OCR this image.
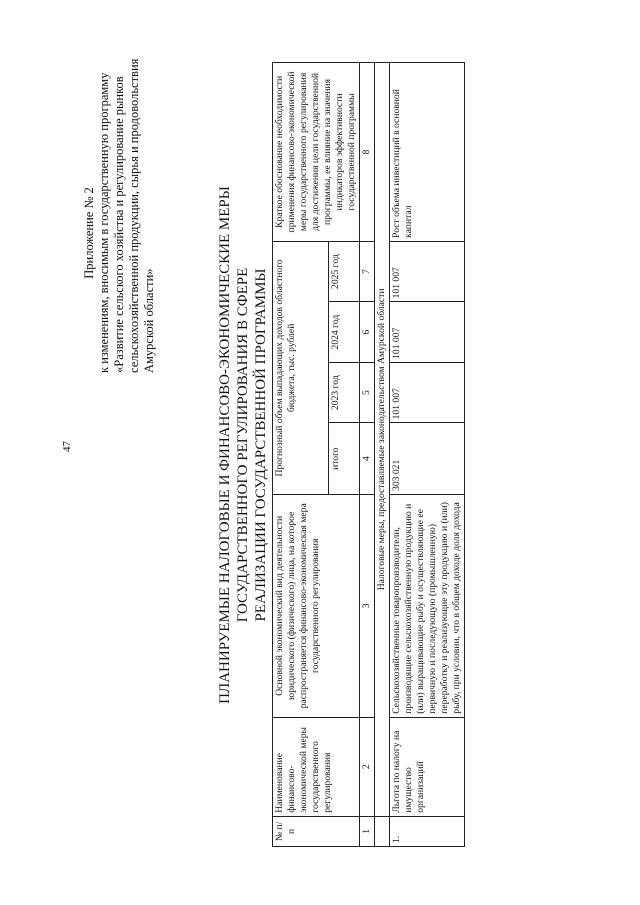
47
Приложение № 2 к изменениям, вносимым в государственную программу «Развитие сельского хозяйства и регулирование рынков сельскохозяйственной продукции, сырья и продовольствия Амурской области»	ПЛАНИРУЕМЫЕ НАЛОГОВЫЕ И ФИНАНСОВО-ЭКОНОМИЧЕСКИЕ МЕРЫ ГОСУДАРСТВЕННОГО РЕГУЛИРОВАНИЯ В СФЕРЕ РЕАЛИЗАЦИИ ГОСУДАРСТВЕННОЙ ПРОГРАММЫ
№ п/п	Наименование финансово-экономической меры государственного регулирования	Основной экономический вид деятельности юридического (физического) лица, на которое распространяется финансово-экономическая мера государственного регулирования	Прогнозный объем выпадающих доходов областного бюджета, тыс. рублей				Краткое обоснование необходимости применения финансово-экономической меры государственного регулирования для достижения цели государственной программы, ее влияние на значения индикаторов эффективности государственной программы
			итого	2023 год	2024 год	2025 год	
1	2	3	4	5	6	7	8
	Налоговые меры, предоставляемые законодательством Амурской области						
1.	Льгота по налогу на имущество организаций	Сельскохозяйственные товаропроизводители, производящие сельскохозяйственную продукцию и (или) выращивающие рыбу и осуществляющие ее первичную и последующую (промышленную) переработку и реализующие эту продукцию и (или) рыбу, при условии, что в общем доходе доля дохода	303 021	101 007	101 007	101 007	Рост объема инвестиций в основной капитал
